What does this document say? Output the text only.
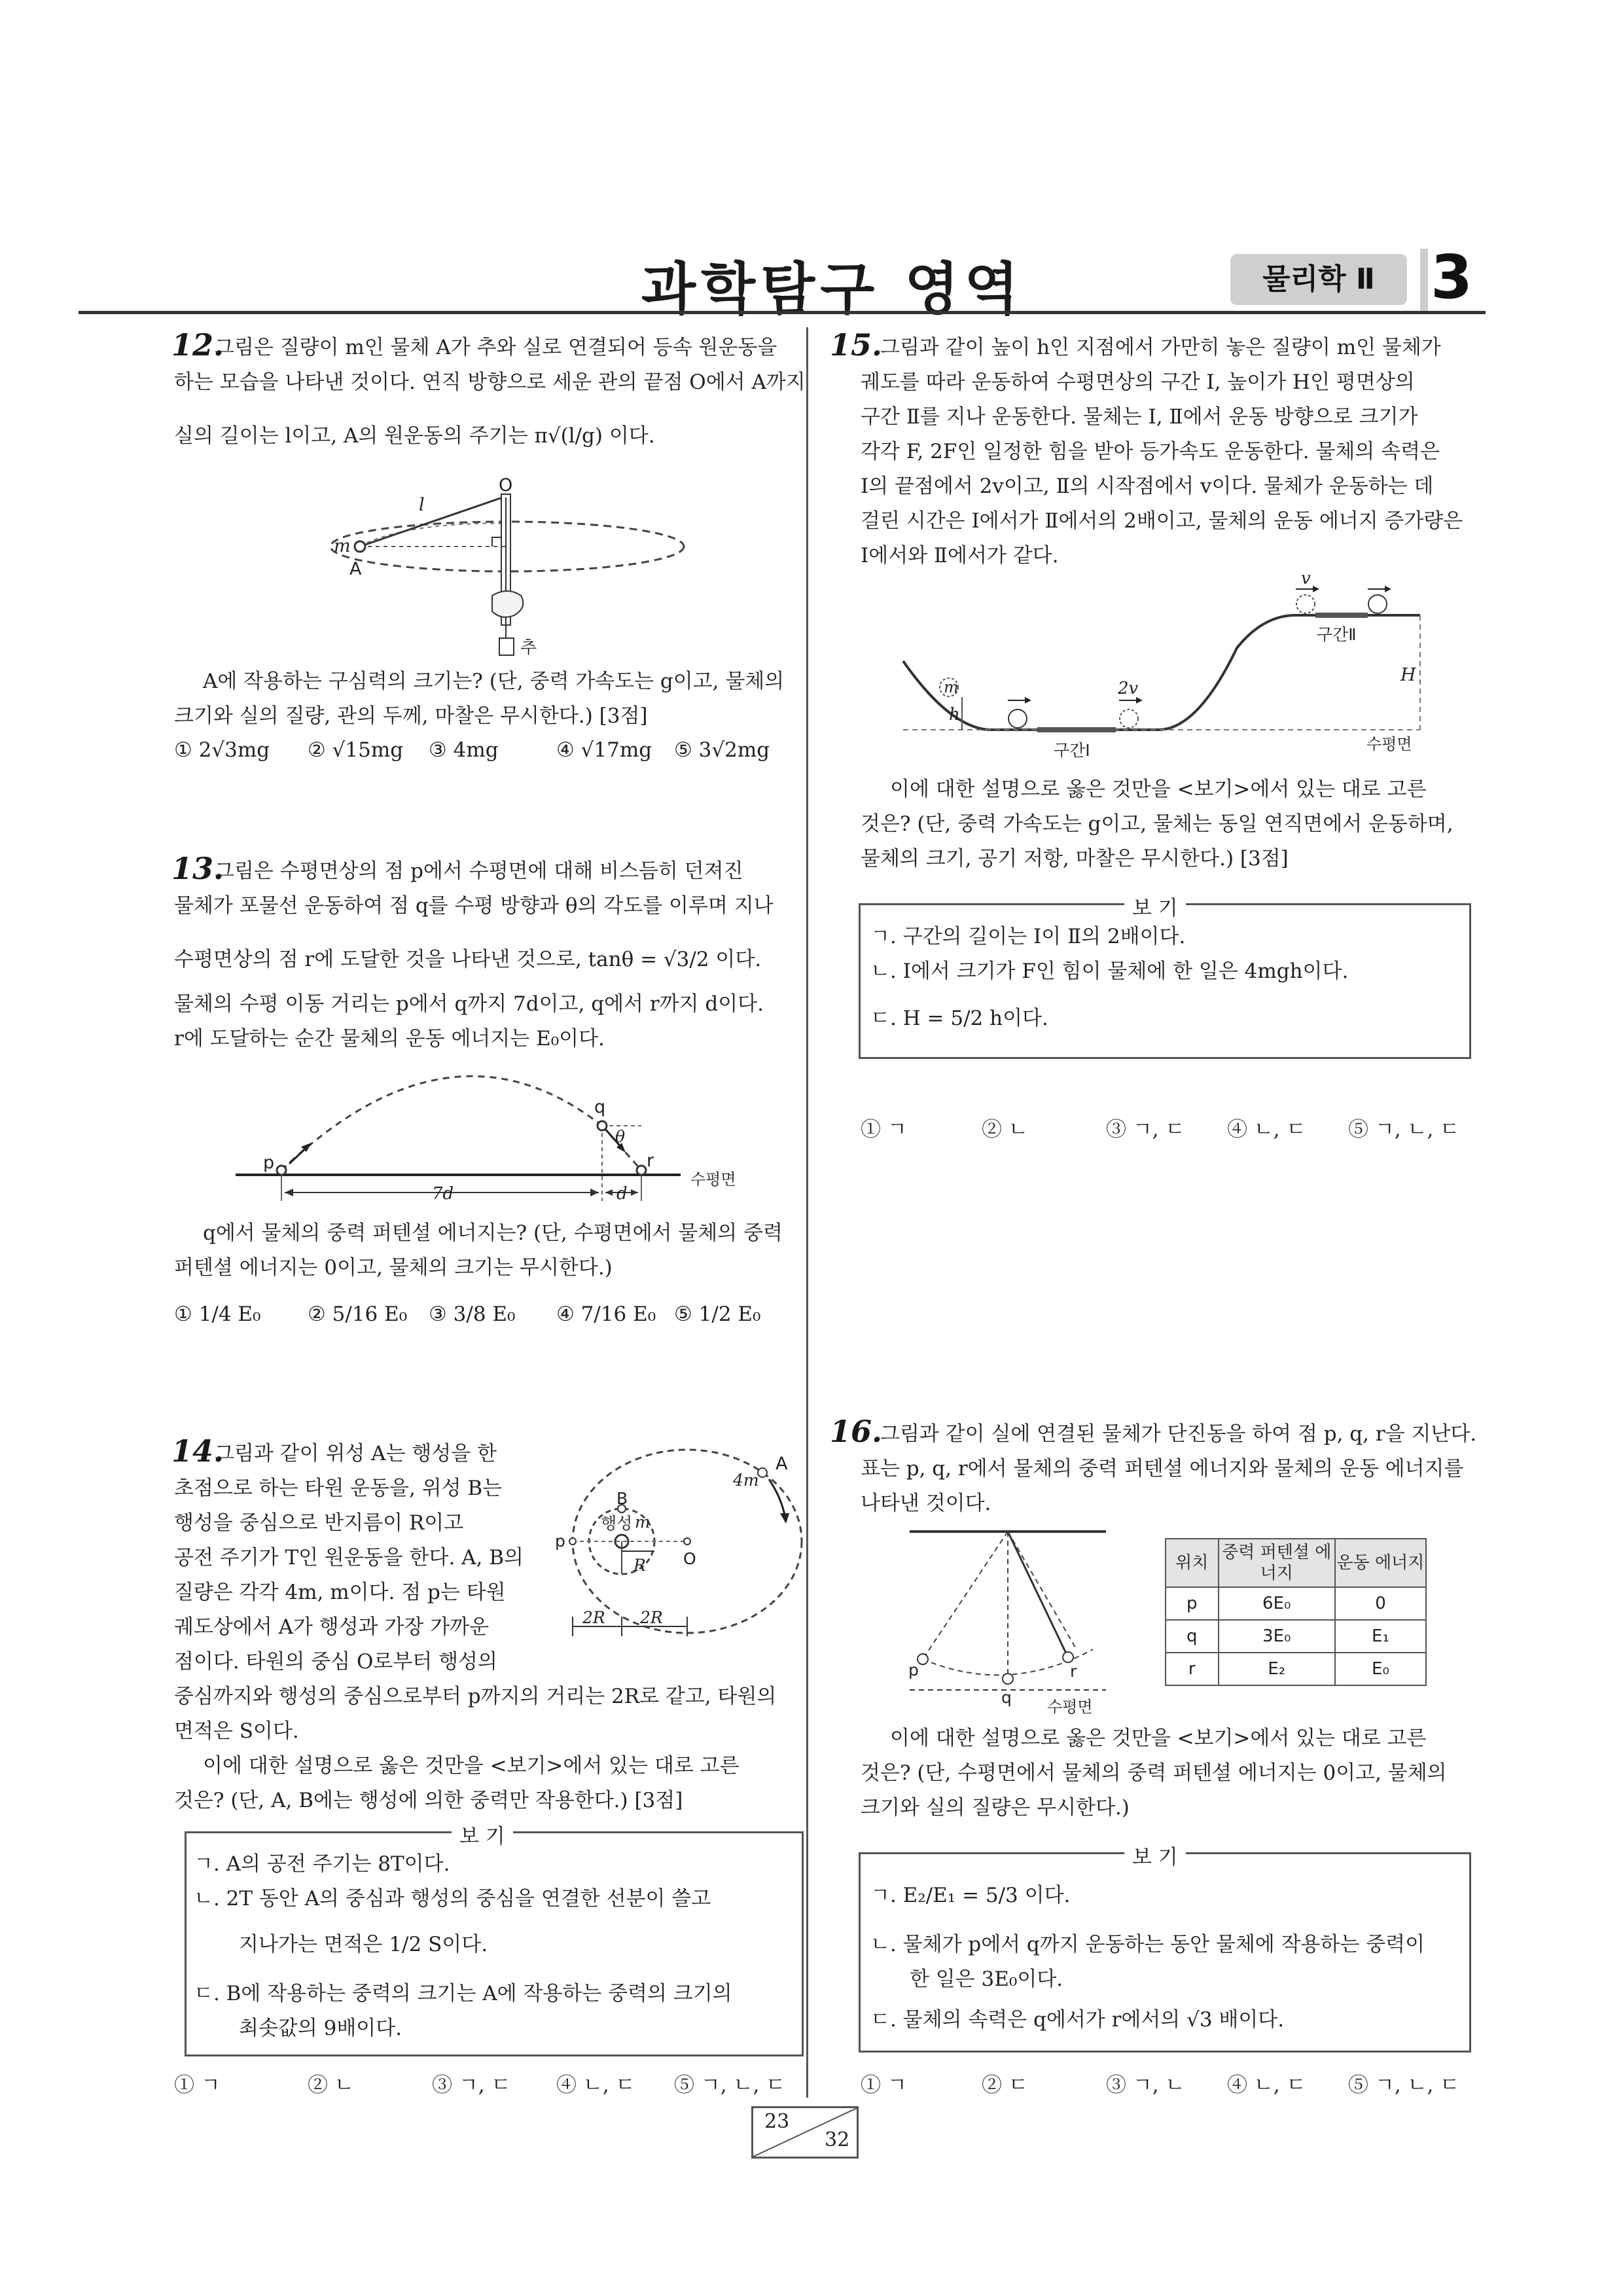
과학탐구 영역	물리학 Ⅱ 3
12.
그림은 질량이 m인 물체 A가 추와 실로 연결되어 등속 원운동을
하는 모습을 나타낸 것이다. 연직 방향으로 세운 관의 끝점 O에서 A까지
실의 길이는 l이고, A의 원운동의 주기는 π√(l/g) 이다.
O
l
m
A
추
A에 작용하는 구심력의 크기는? (단, 중력 가속도는 g이고, 물체의
크기와 실의 질량, 관의 두께, 마찰은 무시한다.) [3점]
① 2√3mg ② √15mg ③ 4mg	④ √17mg ⑤ 3√2mg
13.
그림은 수평면상의 점 p에서 수평면에 대해 비스듬히 던져진
물체가 포물선 운동하여 점 q를 수평 방향과 θ의 각도를 이루며 지나
수평면상의 점 r에 도달한 것을 나타낸 것으로, tanθ = √3/2 이다.
물체의 수평 이동 거리는 p에서 q까지 7d이고, q에서 r까지 d이다.
r에 도달하는 순간 물체의 운동 에너지는 E₀이다.
p
q
r
θ
7d	d
수평면
q에서 물체의 중력 퍼텐셜 에너지는? (단, 수평면에서 물체의 중력
퍼텐셜 에너지는 0이고, 물체의 크기는 무시한다.)
① 1/4 E₀ ② 5/16 E₀ ③ 3/8 E₀ ④ 7/16 E₀ ⑤ 1/2 E₀
14.
그림과 같이 위성 A는 행성을 한
초점으로 하는 타원 운동을, 위성 B는
행성을 중심으로 반지름이 R이고
공전 주기가 T인 원운동을 한다. A, B의
질량은 각각 4m, m이다. 점 p는 타원
궤도상에서 A가 행성과 가장 가까운
점이다. 타원의 중심 O로부터 행성의
중심까지와 행성의 중심으로부터 p까지의 거리는 2R로 같고, 타원의
면적은 S이다.
이에 대한 설명으로 옳은 것만을 <보기>에서 있는 대로 고른
것은? (단, A, B에는 행성에 의한 중력만 작용한다.) [3점]
A
4m
B
행성 m
p
O
R
2R 2R
보 기
ㄱ. A의 공전 주기는 8T이다.
ㄴ. 2T 동안 A의 중심과 행성의 중심을 연결한 선분이 쓸고
지나가는 면적은 1/2 S이다.
ㄷ. B에 작용하는 중력의 크기는 A에 작용하는 중력의 크기의
최솟값의 9배이다.
① ㄱ	② ㄴ	③ ㄱ, ㄷ ④ ㄴ, ㄷ ⑤ ㄱ, ㄴ, ㄷ
15.
그림과 같이 높이 h인 지점에서 가만히 놓은 질량이 m인 물체가
궤도를 따라 운동하여 수평면상의 구간 Ⅰ, 높이가 H인 평면상의
구간 Ⅱ를 지나 운동한다. 물체는 Ⅰ, Ⅱ에서 운동 방향으로 크기가
각각 F, 2F인 일정한 힘을 받아 등가속도 운동한다. 물체의 속력은
Ⅰ의 끝점에서 2v이고, Ⅱ의 시작점에서 v이다. 물체가 운동하는 데
걸린 시간은 Ⅰ에서가 Ⅱ에서의 2배이고, 물체의 운동 에너지 증가량은
Ⅰ에서와 Ⅱ에서가 같다.
m
h
2v
구간Ⅰ
v
구간Ⅱ
H
수평면
이에 대한 설명으로 옳은 것만을 <보기>에서 있는 대로 고른
것은? (단, 중력 가속도는 g이고, 물체는 동일 연직면에서 운동하며,
물체의 크기, 공기 저항, 마찰은 무시한다.) [3점]
보 기
ㄱ. 구간의 길이는 Ⅰ이 Ⅱ의 2배이다.
ㄴ. Ⅰ에서 크기가 F인 힘이 물체에 한 일은 4mgh이다.
ㄷ. H = 5/2 h이다.
① ㄱ	② ㄴ	③ ㄱ, ㄷ ④ ㄴ, ㄷ ⑤ ㄱ, ㄴ, ㄷ
16.
그림과 같이 실에 연결된 물체가 단진동을 하여 점 p, q, r을 지난다.
표는 p, q, r에서 물체의 중력 퍼텐셜 에너지와 물체의 운동 에너지를
나타낸 것이다.
p
q
r
수평면
위치	중력 퍼텐셜 에너지	운동 에너지
p	6E₀	0
q	3E₀	E₁
r	E₂	E₀
이에 대한 설명으로 옳은 것만을 <보기>에서 있는 대로 고른
것은? (단, 수평면에서 물체의 중력 퍼텐셜 에너지는 0이고, 물체의
크기와 실의 질량은 무시한다.)
보 기
ㄱ. E₂/E₁ = 5/3 이다.
ㄴ. 물체가 p에서 q까지 운동하는 동안 물체에 작용하는 중력이
한 일은 3E₀이다.
ㄷ. 물체의 속력은 q에서가 r에서의 √3 배이다.
① ㄱ	② ㄷ	③ ㄱ, ㄴ ④ ㄴ, ㄷ ⑤ ㄱ, ㄴ, ㄷ
23
32
